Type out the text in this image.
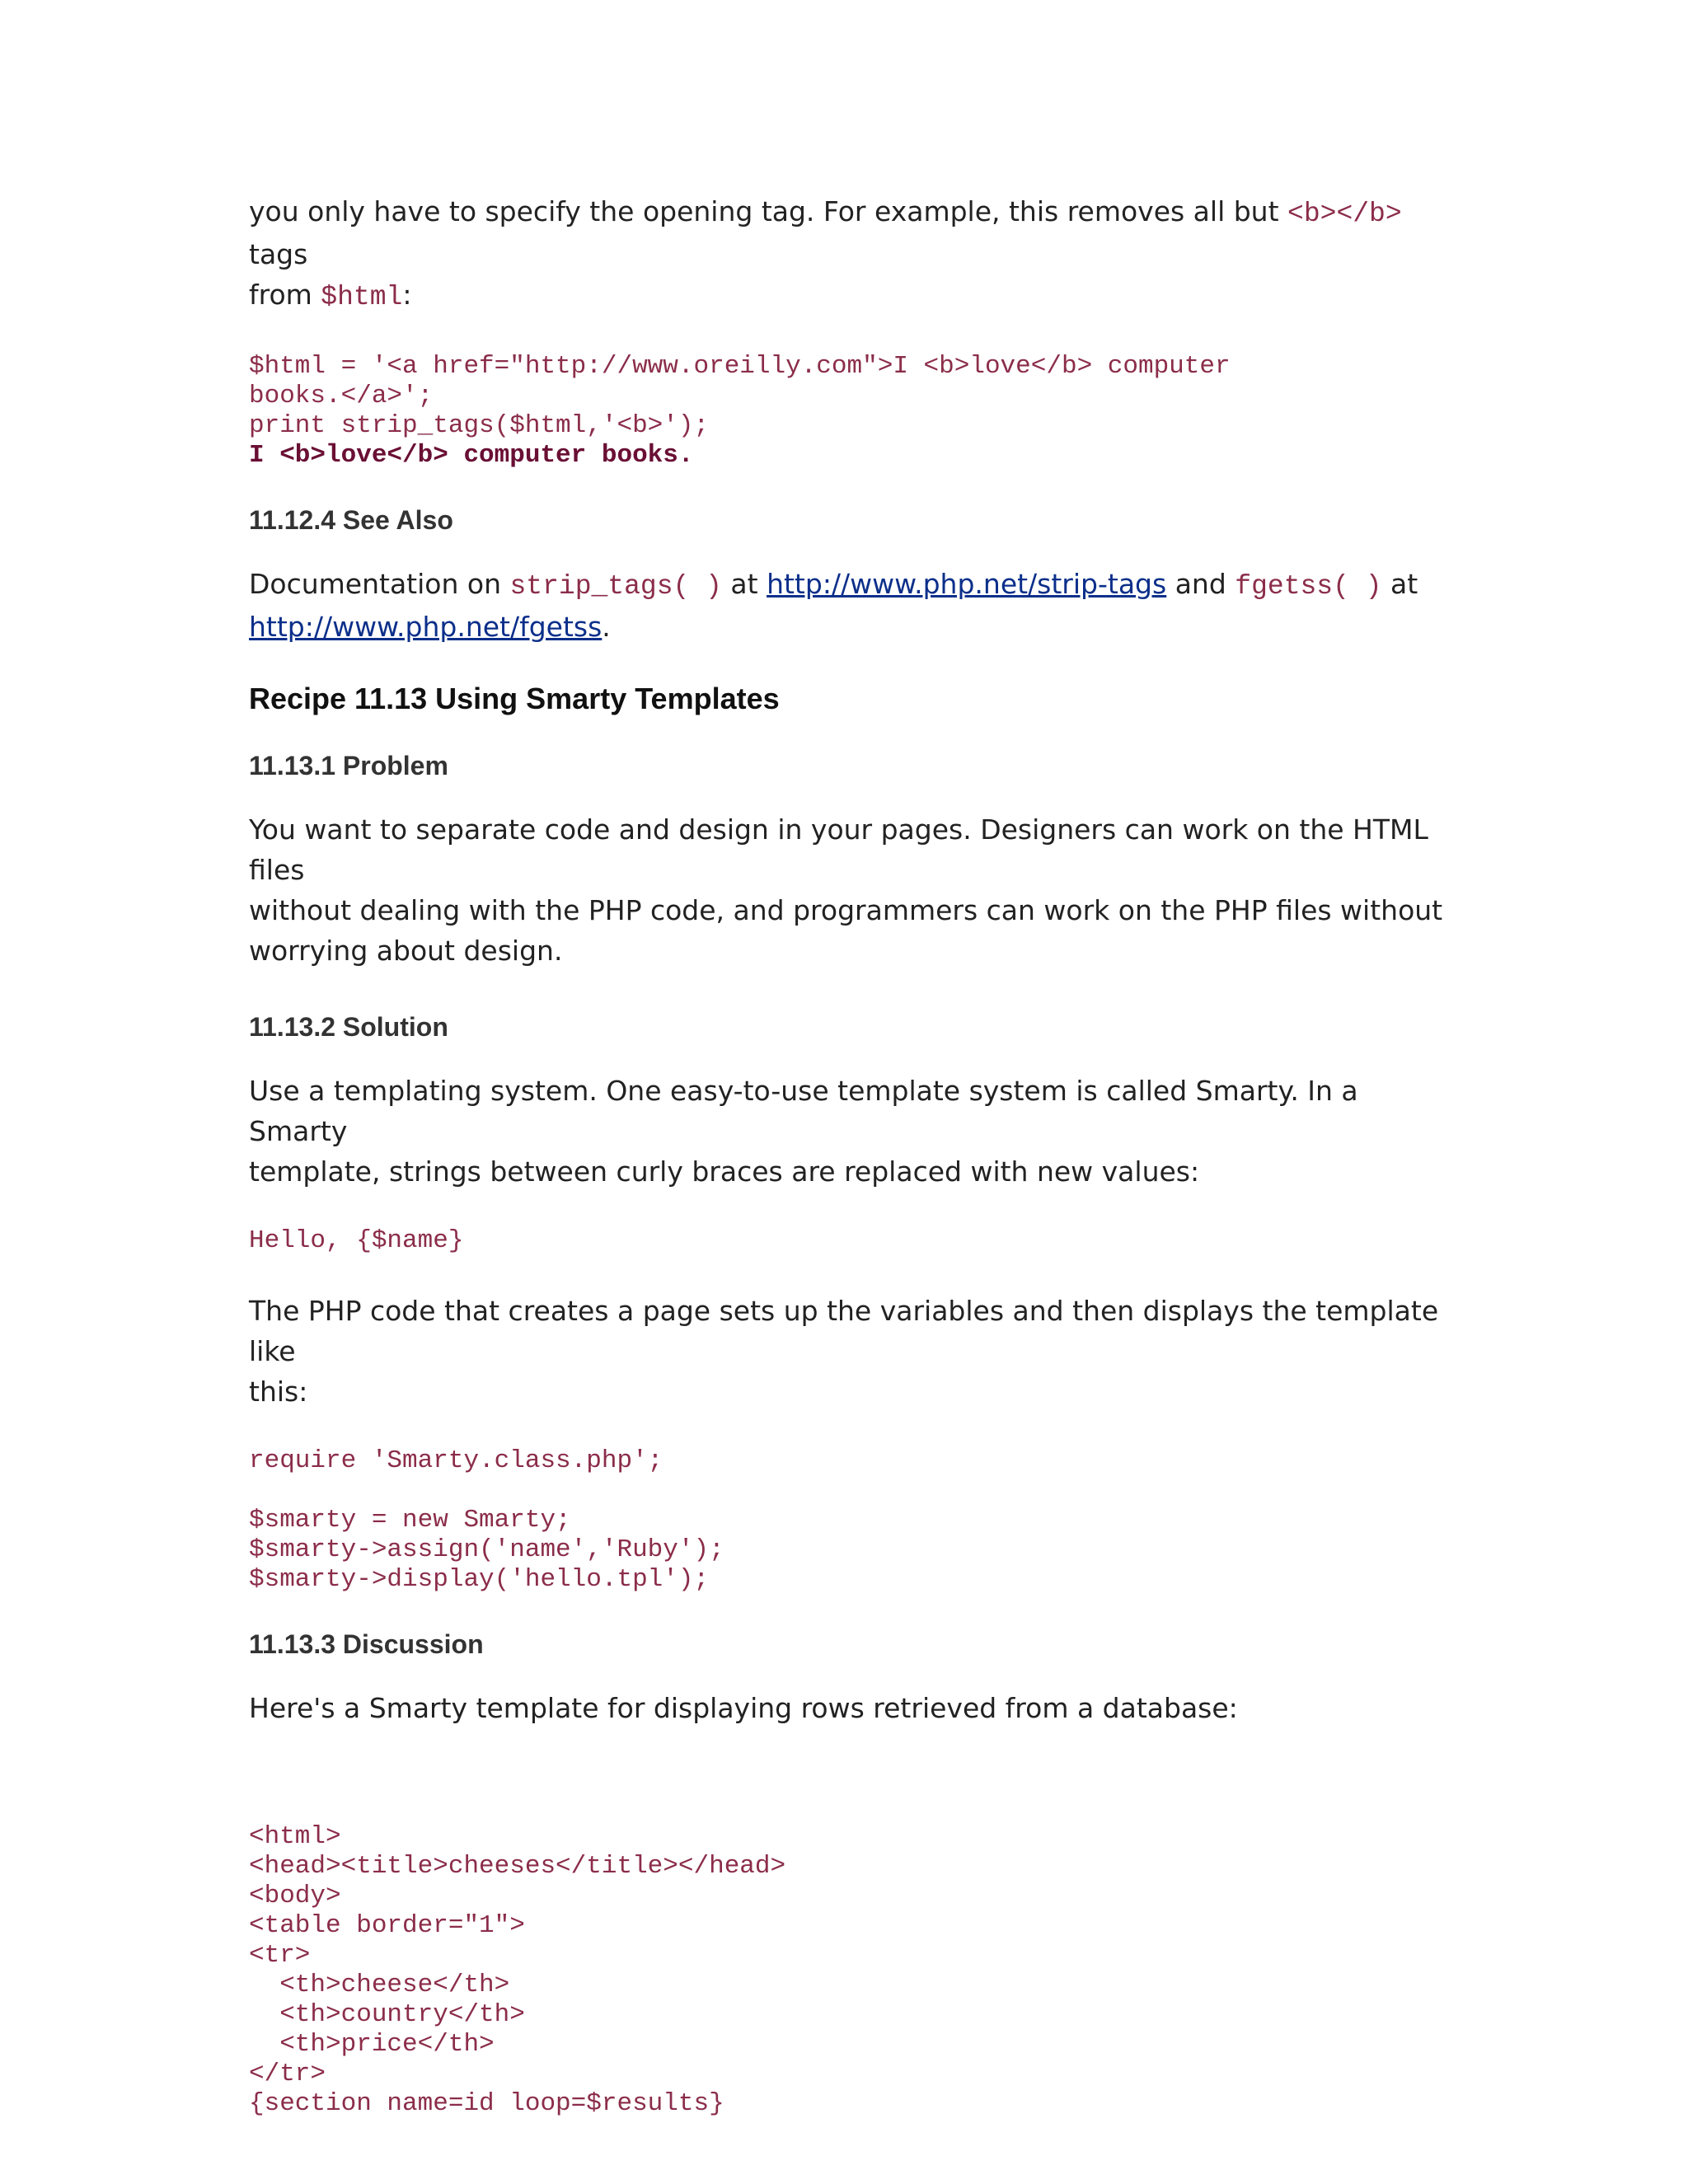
you only have to specify the opening tag. For example, this removes all but <b></b> tags
from $html:

$html = '<a href="http://www.oreilly.com">I <b>love</b> computer
books.</a>';
print strip_tags($html,'<b>');
I <b>love</b> computer books.
11.12.4 See Also

Documentation on strip_tags( ) at http://www.php.net/strip-tags and fgetss( ) at
http://www.php.net/fgetss.

Recipe 11.13 Using Smarty Templates
11.13.1 Problem

You want to separate code and design in your pages. Designers can work on the HTML files
without dealing with the PHP code, and programmers can work on the PHP files without
worrying about design.

11.13.2 Solution

Use a templating system. One easy-to-use template system is called Smarty. In a Smarty
template, strings between curly braces are replaced with new values:

Hello, {$name}

The PHP code that creates a page sets up the variables and then displays the template like
this:

require 'Smarty.class.php';
$smarty = new Smarty;
$smarty->assign('name','Ruby');
$smarty->display('hello.tpl');
11.13.3 Discussion

Here's a Smarty template for displaying rows retrieved from a database:

<html>
<head><title>cheeses</title></head>
<body>
<table border="1">
<tr>
<th>cheese</th>
<th>country</th>
<th>price</th>
</tr>
{section name=id loop=$results}
